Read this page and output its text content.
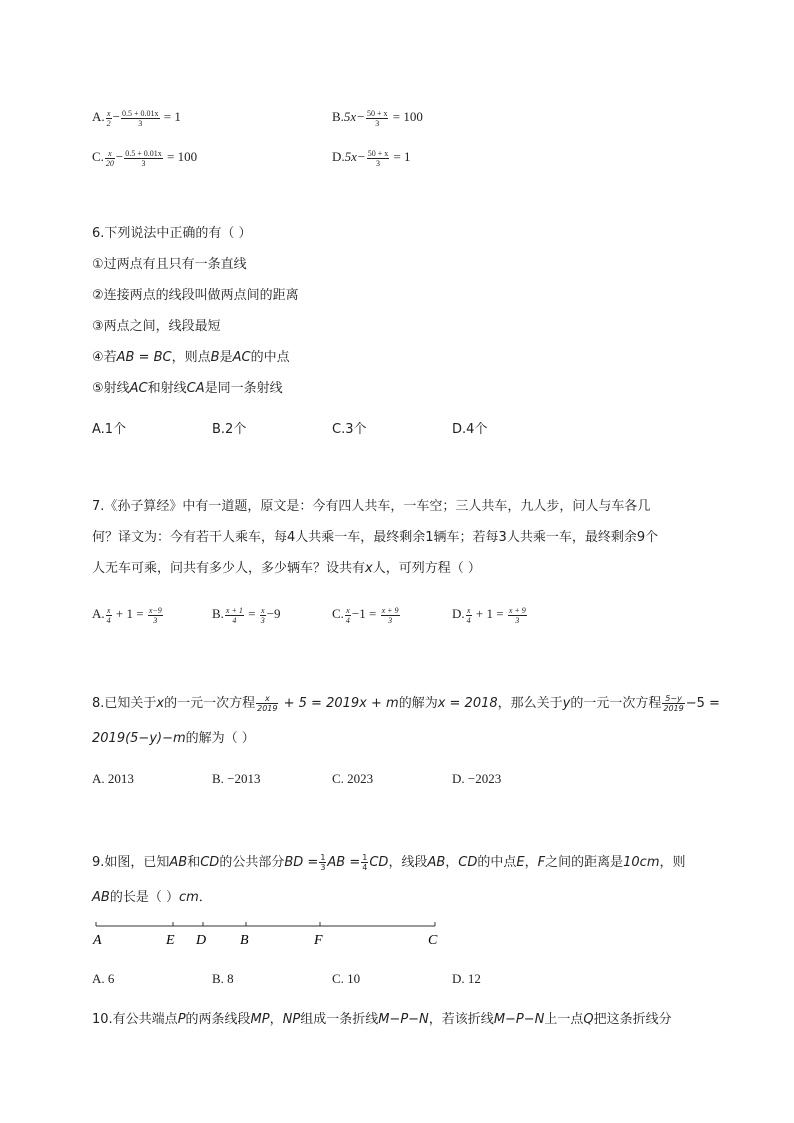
A. $\frac{x}{2} - \frac{0.5 + 0.01x}{3} = 1$	$B.5x- \frac{50 + x}{3} = 100$
C. $\frac{x}{20} - \frac{0.5 + 0.01x}{3} = 100$	$D.5x- \frac{50 + x}{3} = 1$
6.下列说法中正确的有（ ）
①过两点有且只有一条直线
②连接两点的线段叫做两点间的距离
③两点之间，线段最短
④若AB = BC，则点B是AC的中点
⑤射线AC和射线CA是同一条射线
A.1个	B.2个	C.3个	D.4个
7.《孙子算经》中有一道题，原文是：今有四人共车，一车空；三人共车，九人步，问人与车各几
何？译文为：今有若干人乘车，每4人共乘一车，最终剩余1辆车；若每3人共乘一车，最终剩余9个
人无车可乘，问共有多少人，多少辆车？设共有x人，可列方程（ ）
A. $\frac{x}{4} + 1 = \frac{x-9}{3}$	B. $\frac{x + 1}{4} = \frac{x}{3} -9$	C. $\frac{x}{4} -1 = \frac{x + 9}{3}$	D. $\frac{x}{4} + 1 = \frac{x + 9}{3}$
8.已知关于x的一元一次方程 $\frac{x}{2019} + 5 = 2019x + m$的解为x = 2018，那么关于y的一元一次方程 $\frac{5-y}{2019} -5$ =
2019(5−y)−m的解为（ ）
A. 2013	B. −2013	C. 2023	D. −2023
9.如图，已知AB和CD的公共部分BD = $\frac{1}{3}$ AB = $\frac{1}{4}$ CD，线段AB，CD的中点E，F之间的距离是10cm，则
AB的长是（ ）cm．
A	E D B	F	C
A. 6	B. 8	C. 10	D. 12
10.有公共端点P的两条线段MP，NP组成一条折线M−P−N，若该折线M−P−N上一点Q把这条折线分
